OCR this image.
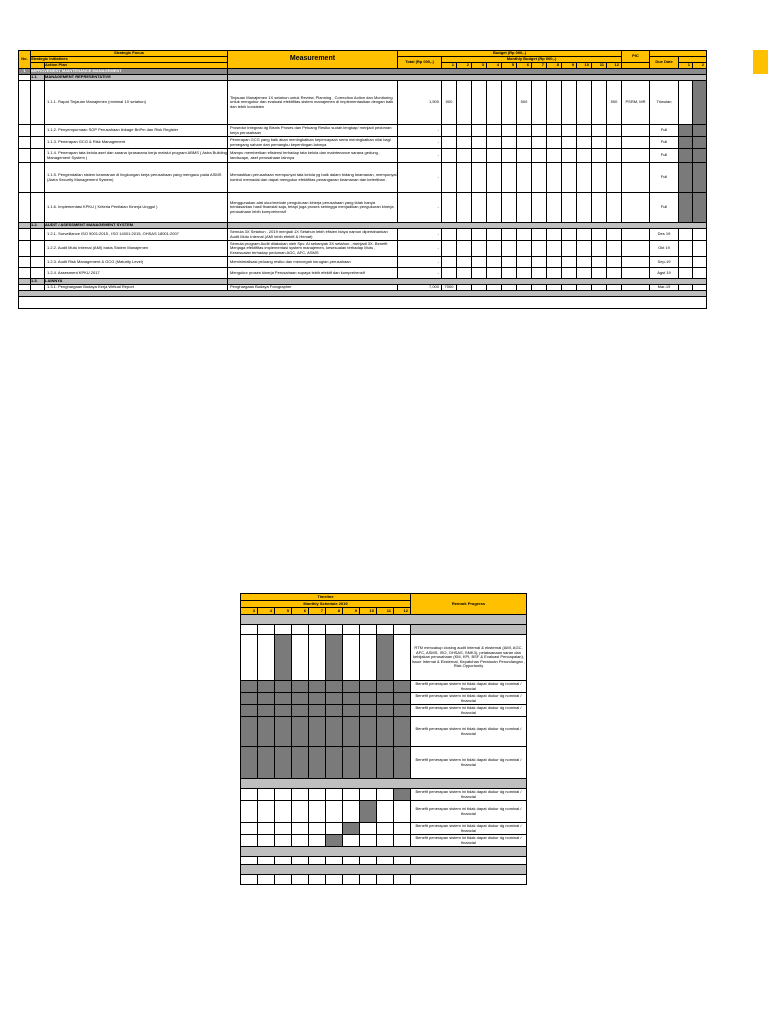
No.	Strategic Focus		Measurement	Budget (Rp 000,-)													PIC			
	Strategic Initiatives			Total (Rp 000,-)	Monthly Budget (Rp 000,-)													Due Date		
		Action Plan			1	2	3	4	5	6	7	8	9	10	11	12			1	2
1	IMPROVEMENT MAINTENANCE MANAGEMENT																			
	1.1.	MANAGEMENT REPRESENTATIVE																		
		1.1.1. Rapat Tinjauan Manajemen (minimal 1X setahun)	Tinjauan Manajemen 1X setahun untuk Review, Planning , Correction Action dan Monitoring untuk mengukur dan evaluasi efektifitas sistem manajemen di implementasikan dengan baik dan lebih konsisten	1,500	500					500						500	PSRM, MR	Triwulan		
		1.1.2. Penyempurnaan SOP Perusahaan linkage BnPm dan Risk Register	Prosedur integrasi dg Bisnis Proses dan Peluang Resiko sudah lengkap/ menjadi pedoman kerja perusahaan	-														Full		
		1.1.3. Penerapan GCG & Risk Management	Penerapan GCG yang baik akan meningkatkan kepercayaan serta meningkatkan nilai bagi pemegang saham dan pemangku kepentingan lainnya	-														Full		
		1.1.4. Penerapan tata kelola aset dan sarana /prasarana kerja melalui program ABMS ( Astra Building Management System )	Mampu memberikan efisiensi terhadap tata kelola dan maintenance sarana gedung , landscape, aset perusahaan lainnya	-														Full		
		1.1.5. Pengendalian sistem keamanan di lingkungan kerja perusahaan yang mengacu pada ASMS (Astra Security Management System)	Memastikan perusahaan mempunyai tata kelola yg baik dalam bidang keamanan, mempunyai kontrol memadai dan dapat mengukur efektifitas penanganan keamanan dan ketertiban .	-														Full		
		1.1.6. Implementasi KPKU ( Kriteria Penilaian Kinerja Unggul )	Menggunakan alat ukur/metode pengukuran kinerja perusahaan yang tidak hanya berdasarkan hasil finansial saja, tetapi juga proses sehingga menjadikan pengukuran kinerja perusahaan lebih komprehensif	-														Full		
	1.2.	AUDIT / ASESSMENT MANAGEMENT SYSTEM																		
		1.2.1. Surveillance ISO 9001:2015 , ISO 14001:2015, OHSAS 18001:2007	Semula 3X Setahun , 2019 menjadi 1X Setahun lebih efisien biaya namun dipertahankan Audit Mutu Internal (AMI lebih efektif & Hemat)	-														Des 19		
		1.2.2. Audit Mutu Internal (AMI) basis Sistem Manajemen	Semula program Audit dilakukan oleh Spv. AI sebanyak 3X setahun , menjadi 3X. Benefit Menjaga efektifitas implementasi system manajemen, kesesuaian terhadap Mutu , Kesesuaian terhadap pedoman AGC, AFC, ASMS	-														Okt 19		
		1.2.3. Audit Risk Management & GCG (Maturity Level)	Meminimalisasi peluang resiko dan mencegah kerugian perusahaan	-														Sep-19		
		1.2.4. Assesment KPKU 2017	Mengukur proses kinerja Perusahaan supaya lebih efektif dan komprehensif	-														Agst 19		
	1.3.	LAINNYA																		
		1.3.1. Penghargaan Budaya Kerja Writual Report	Penghargaan Budaya Fotographer	7,000	7000													Mar-19		

Timeline										Remark Progress
Monthly Schedule 2019										
3	4	5	6	7	8	9	10	11	12	

										RTM mencakup closing audit internal & eksternal (AMI, AGC, AFC, ASMS, ISO, OHSAS, SMK3), pelaksanaan saran dan kebijakan perusahaan (KM, KPI, BSF & Evaluasi Pencapaian), Issue Internal & Eksternal, Kepatuhan Peraturan Perundangan , Risk Opportunity
										Benefit penerapan sistem ini tidak dapat diukur dg nominal / financial
										Benefit penerapan sistem ini tidak dapat diukur dg nominal / financial
										Benefit penerapan sistem ini tidak dapat diukur dg nominal / financial
										Benefit penerapan sistem ini tidak dapat diukur dg nominal / financial
										Benefit penerapan sistem ini tidak dapat diukur dg nominal / financial

										Benefit penerapan sistem ini tidak dapat diukur dg nominal / financial
										Benefit penerapan sistem ini tidak dapat diukur dg nominal / financial
										Benefit penerapan sistem ini tidak dapat diukur dg nominal / financial
										Benefit penerapan sistem ini tidak dapat diukur dg nominal / financial
